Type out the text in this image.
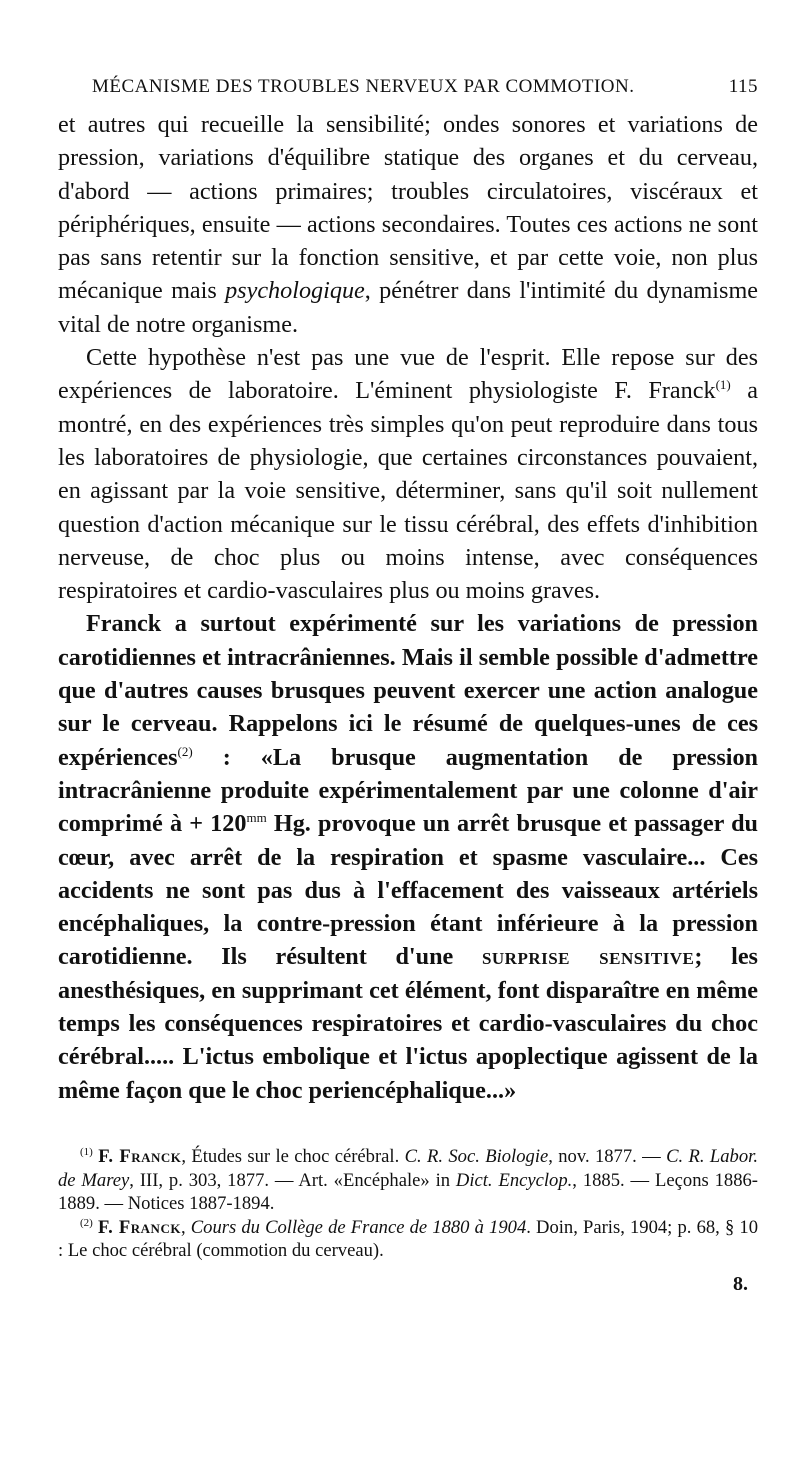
MÉCANISME DES TROUBLES NERVEUX PAR COMMOTION.	115

et autres qui recueille la sensibilité; ondes sonores et variations de pression, variations d'équilibre statique des organes et du cerveau, d'abord — actions primaires; troubles circulatoires, viscéraux et périphériques, ensuite — actions secondaires. Toutes ces actions ne sont pas sans retentir sur la fonction sensitive, et par cette voie, non plus mécanique mais psychologique, pénétrer dans l'intimité du dynamisme vital de notre organisme.

Cette hypothèse n'est pas une vue de l'esprit. Elle repose sur des expériences de laboratoire. L'éminent physiologiste F. Franck$^{(1)}$ a montré, en des expériences très simples qu'on peut reproduire dans tous les laboratoires de physiologie, que certaines circonstances pouvaient, en agissant par la voie sensitive, déterminer, sans qu'il soit nullement question d'action mécanique sur le tissu cérébral, des effets d'inhibition nerveuse, de choc plus ou moins intense, avec conséquences respiratoires et cardio-vasculaires plus ou moins graves.

Franck a surtout expérimenté sur les variations de pression carotidiennes et intracrâniennes. Mais il semble possible d'admettre que d'autres causes brusques peuvent exercer une action analogue sur le cerveau. Rappelons ici le résumé de quelques-unes de ces expériences$^{(2)}$ : «La brusque augmentation de pression intracrânienne produite expérimentalement par une colonne d'air comprimé à + 120$^{mm}$ Hg. provoque un arrêt brusque et passager du cœur, avec arrêt de la respiration et spasme vasculaire... Ces accidents ne sont pas dus à l'effacement des vaisseaux artériels encéphaliques, la contre-pression étant inférieure à la pression carotidienne. Ils résultent d'une surprise sensitive; les anesthésiques, en supprimant cet élément, font disparaître en même temps les conséquences respiratoires et cardio-vasculaires du choc cérébral..... L'ictus embolique et l'ictus apoplectique agissent de la même façon que le choc periencéphalique...»

$^{(1)}$ F. Franck, Études sur le choc cérébral. C. R. Soc. Biologie, nov. 1877. — C. R. Labor. de Marey, III, p. 303, 1877. — Art. «Encéphale» in Dict. Encyclop., 1885. — Leçons 1886-1889. — Notices 1887-1894.

$^{(2)}$ F. Franck, Cours du Collège de France de 1880 à 1904. Doin, Paris, 1904; p. 68, § 10 : Le choc cérébral (commotion du cerveau).

8.
